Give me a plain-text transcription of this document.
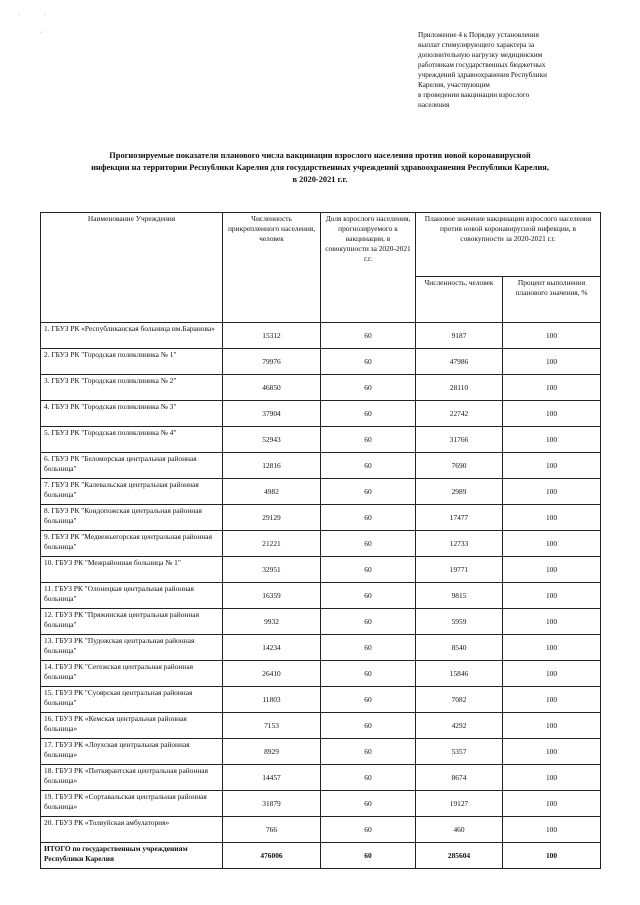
·	·
·	Приложение 4 к Порядку установления
выплат стимулирующего характера за
дополнительную нагрузку медицинским
работникам государственных бюджетных
учреждений здравоохранения Республики
Карелия, участвующим
в проведении вакцинации взрослого
населения
Прогнозируемые показатели планового числа вакцинации взрослого населения против новой коронавирусной
инфекции на территории Республики Карелия для государственных учреждений здравоохранения Республики Карелия,
в 2020-2021 г.г.
Наименование Учреждения	Численность прикрепленного населения, человек	Доля взрослого населения, прогнозируемого к вакцинации, в совокупности за 2020-2021 г.г.	Плановое значение вакцинации взрослого населения против новой коронавирусной инфекции, в совокупности за 2020-2021 г.г.	
			Численность, человек	Процент выполнения планового значения, %
1. ГБУЗ РК «Республиканская больница им.Баранова»	15312	60	9187	100
2. ГБУЗ РК "Городская поликлиника № 1"	79976	60	47986	100
3. ГБУЗ РК "Городская поликлиника № 2"	46850	60	28110	100
4. ГБУЗ РК "Городская поликлиника № 3"	37904	60	22742	100
5. ГБУЗ РК "Городская поликлиника № 4"	52943	60	31766	100
6. ГБУЗ РК "Беломорская центральная районная больница"	12816	60	7690	100
7. ГБУЗ РК "Калевальская центральная районная больница"	4982	60	2989	100
8. ГБУЗ РК "Кондопожская центральная районная больница"	29129	60	17477	100
9. ГБУЗ РК "Медвежьегорская центральная районная больница"	21221	60	12733	100
10. ГБУЗ РК "Межрайонная больница № 1"	32951	60	19771	100
11. ГБУЗ РК "Олонецкая центральная районная больница"	16359	60	9815	100
12. ГБУЗ РК "Пряжинская центральная районная больница"	9932	60	5959	100
13. ГБУЗ РК "Пудожская центральная районная больница"	14234	60	8540	100
14. ГБУЗ РК "Сегежская центральная районная больница"	26410	60	15846	100
15. ГБУЗ РК "Суоярская центральная районная больница"	11803	60	7082	100
16. ГБУЗ РК «Кемская центральная районная больница»	7153	60	4292	100
17. ГБУЗ РК «Лоухская центральная районная больница»	8929	60	5357	100
18. ГБУЗ РК «Питкярантская центральная районная больница»	14457	60	8674	100
19. ГБУЗ РК «Сортавальская центральная районная больница»	31879	60	19127	100
20. ГБУЗ РК «Толвуйская амбулатория»	766	60	460	100
ИТОГО по государственным учреждениям Республики Карелия	476006	60	285604	100
